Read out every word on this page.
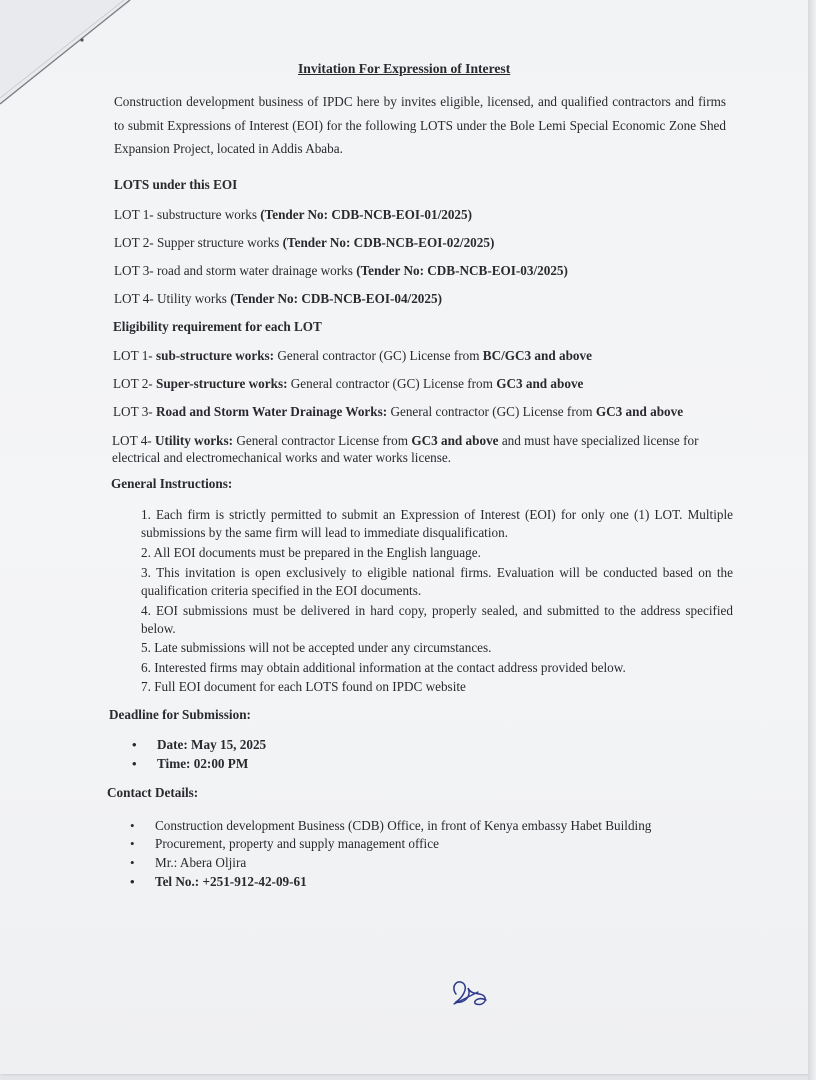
Invitation For Expression of Interest
Construction development business of IPDC here by invites eligible, licensed, and qualified contractors and firms to submit Expressions of Interest (EOI) for the following LOTS under the Bole Lemi Special Economic Zone Shed Expansion Project, located in Addis Ababa.
LOTS under this EOI
LOT 1- substructure works (Tender No: CDB-NCB-EOI-01/2025)
LOT 2- Supper structure works (Tender No: CDB-NCB-EOI-02/2025)
LOT 3- road and storm water drainage works (Tender No: CDB-NCB-EOI-03/2025)
LOT 4- Utility works (Tender No: CDB-NCB-EOI-04/2025)
Eligibility requirement for each LOT
LOT 1- sub-structure works: General contractor (GC) License from BC/GC3 and above
LOT 2- Super-structure works: General contractor (GC) License from GC3 and above
LOT 3- Road and Storm Water Drainage Works: General contractor (GC) License from GC3 and above
LOT 4- Utility works: General contractor License from GC3 and above and must have specialized license for electrical and electromechanical works and water works license.
General Instructions:
1. Each firm is strictly permitted to submit an Expression of Interest (EOI) for only one (1) LOT. Multiple submissions by the same firm will lead to immediate disqualification.
2. All EOI documents must be prepared in the English language.
3. This invitation is open exclusively to eligible national firms. Evaluation will be conducted based on the qualification criteria specified in the EOI documents.
4. EOI submissions must be delivered in hard copy, properly sealed, and submitted to the address specified below.
5. Late submissions will not be accepted under any circumstances.
6. Interested firms may obtain additional information at the contact address provided below.
7. Full EOI document for each LOTS found on IPDC website
Deadline for Submission:
• Date: May 15, 2025
• Time: 02:00 PM
Contact Details:
• Construction development Business (CDB) Office, in front of Kenya embassy Habet Building
• Procurement, property and supply management office
• Mr.: Abera Oljira
• Tel No.: +251-912-42-09-61
